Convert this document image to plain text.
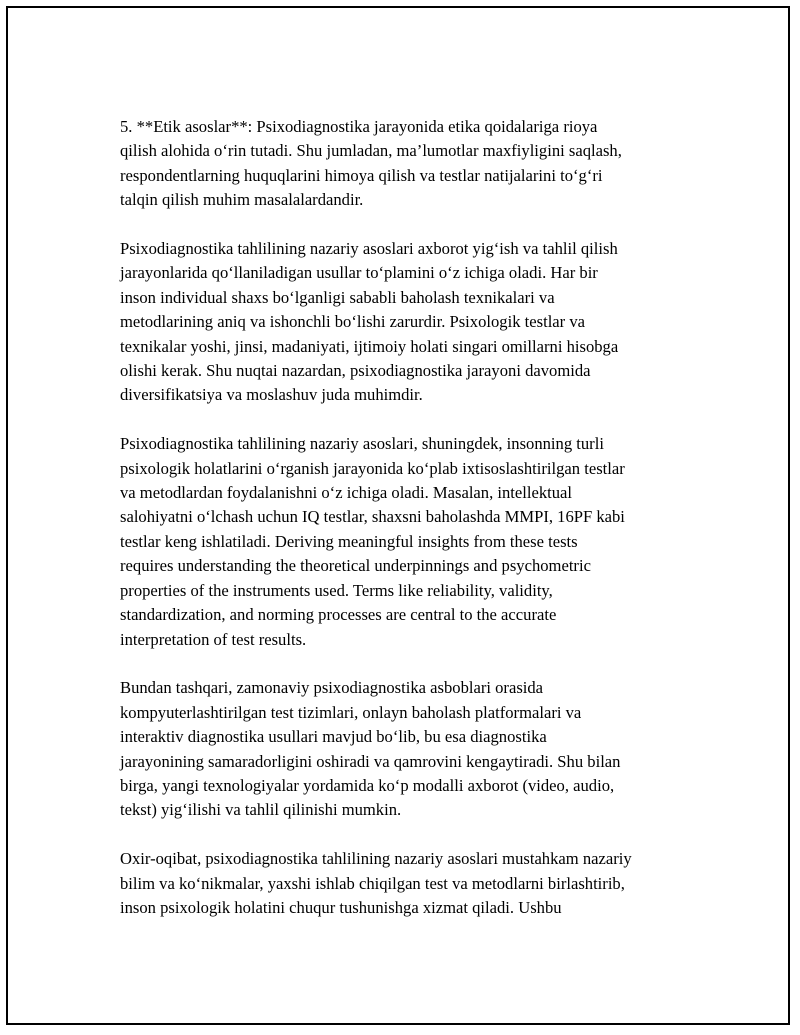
5. **Etik asoslar**: Psixodiagnostika jarayonida etika qoidalariga rioya
qilish alohida o‘rin tutadi. Shu jumladan, ma’lumotlar maxfiyligini saqlash,
respondentlarning huquqlarini himoya qilish va testlar natijalarini to‘g‘ri
talqin qilish muhim masalalardandir.

Psixodiagnostika tahlilining nazariy asoslari axborot yig‘ish va tahlil qilish
jarayonlarida qo‘llaniladigan usullar to‘plamini o‘z ichiga oladi. Har bir
inson individual shaxs bo‘lganligi sababli baholash texnikalari va
metodlarining aniq va ishonchli bo‘lishi zarurdir. Psixologik testlar va
texnikalar yoshi, jinsi, madaniyati, ijtimoiy holati singari omillarni hisobga
olishi kerak. Shu nuqtai nazardan, psixodiagnostika jarayoni davomida
diversifikatsiya va moslashuv juda muhimdir.

Psixodiagnostika tahlilining nazariy asoslari, shuningdek, insonning turli
psixologik holatlarini o‘rganish jarayonida ko‘plab ixtisoslashtirilgan testlar
va metodlardan foydalanishni o‘z ichiga oladi. Masalan, intellektual
salohiyatni o‘lchash uchun IQ testlar, shaxsni baholashda MMPI, 16PF kabi
testlar keng ishlatiladi. Deriving meaningful insights from these tests
requires understanding the theoretical underpinnings and psychometric
properties of the instruments used. Terms like reliability, validity,
standardization, and norming processes are central to the accurate
interpretation of test results.

Bundan tashqari, zamonaviy psixodiagnostika asboblari orasida
kompyuterlashtirilgan test tizimlari, onlayn baholash platformalari va
interaktiv diagnostika usullari mavjud bo‘lib, bu esa diagnostika
jarayonining samaradorligini oshiradi va qamrovini kengaytiradi. Shu bilan
birga, yangi texnologiyalar yordamida ko‘p modalli axborot (video, audio,
tekst) yig‘ilishi va tahlil qilinishi mumkin.

Oxir-oqibat, psixodiagnostika tahlilining nazariy asoslari mustahkam nazariy
bilim va ko‘nikmalar, yaxshi ishlab chiqilgan test va metodlarni birlashtirib,
inson psixologik holatini chuqur tushunishga xizmat qiladi. Ushbu
